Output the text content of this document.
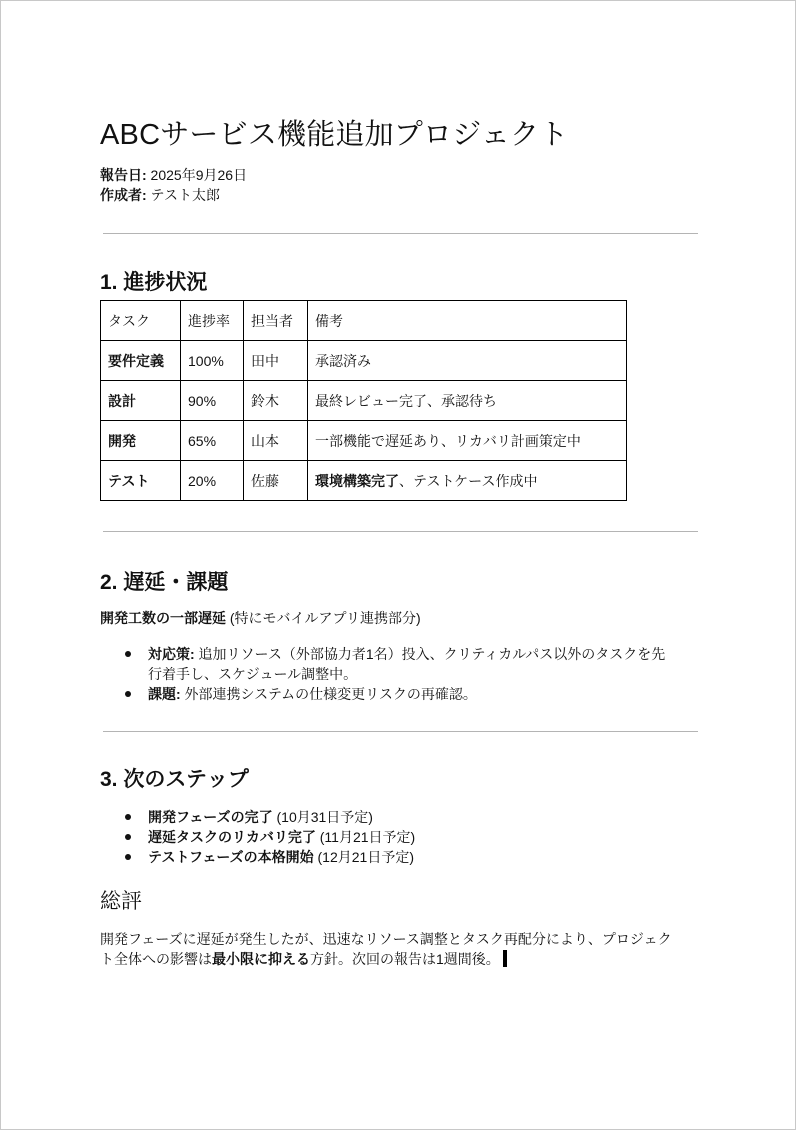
ABCサービス機能追加プロジェクト
報告日: 2025年9月26日
作成者: テスト太郎
1. 進捗状況
タスク	進捗率	担当者	備考
要件定義	100%	田中	承認済み
設計	90%	鈴木	最終レビュー完了、承認待ち
開発	65%	山本	一部機能で遅延あり、リカバリ計画策定中
テスト	20%	佐藤	環境構築完了、テストケース作成中
2. 遅延・課題
開発工数の一部遅延 (特にモバイルアプリ連携部分)
対応策: 追加リソース（外部協力者1名）投入、クリティカルパス以外のタスクを先
行着手し、スケジュール調整中。
課題: 外部連携システムの仕様変更リスクの再確認。
3. 次のステップ
開発フェーズの完了 (10月31日予定)
遅延タスクのリカバリ完了 (11月21日予定)
テストフェーズの本格開始 (12月21日予定)
総評
開発フェーズに遅延が発生したが、迅速なリソース調整とタスク再配分により、プロジェク
ト全体への影響は最小限に抑える方針。次回の報告は1週間後。
